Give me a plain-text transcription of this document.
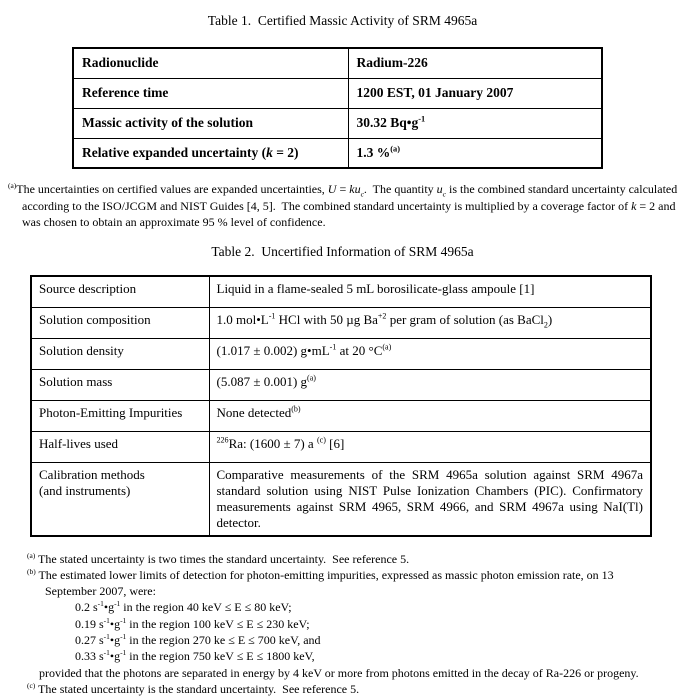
Table 1.  Certified Massic Activity of SRM 4965a
Radionuclide	Radium-226
Reference time	1200 EST, 01 January 2007
Massic activity of the solution	30.32 $Bq•g^{-1}$
Relative expanded uncertainty (k = 2)	1.3 %$^{(a)}$
$^{(a)}$The uncertainties on certified values are expanded uncertainties, $U = ku_c$.  The quantity $u_c$ is the combined standard uncertainty calculated according to the ISO/JCGM and NIST Guides [4, 5].  The combined standard uncertainty is multiplied by a coverage factor of k = 2 and was chosen to obtain an approximate 95 % level of confidence.
Table 2.  Uncertified Information of SRM 4965a
Source description	Liquid in a flame-sealed 5 mL borosilicate-glass ampoule [1]
Solution composition	1.0 $mol•L^{-1}$ HCl with 50 µg $Ba^{+2}$ per gram of solution (as BaCl$_2$)
Solution density	(1.017 ± 0.002) $g•mL^{-1}$ at 20 $^\circ C^{(a)}$
Solution mass	(5.087 ± 0.001) $g^{(a)}$
Photon-Emitting Impurities	None detected$^{(b)}$
Half-lives used	$^{226}$Ra: (1600 ± 7) a $^{(c)}$ [6]
Calibration methods
(and instruments)	Comparative measurements of the SRM 4965a solution against SRM 4967a standard solution using NIST Pulse Ionization Chambers (PIC). Confirmatory measurements against SRM 4965, SRM 4966, and SRM 4967a using NaI(Tl) detector.
$^{(a)}$ The stated uncertainty is two times the standard uncertainty.  See reference 5.
$^{(b)}$ The estimated lower limits of detection for photon-emitting impurities, expressed as massic photon emission rate, on 13 September 2007, were:
0.2 $s^{-1}•g^{-1}$ in the region 40 keV ≤ E ≤ 80 keV;
0.19 $s^{-1}•g^{-1}$ in the region 100 keV ≤ E ≤ 230 keV;
0.27 $s^{-1}•g^{-1}$ in the region 270 ke ≤ E ≤ 700 keV, and
0.33 $s^{-1}•g^{-1}$ in the region 750 keV ≤ E ≤ 1800 keV,
provided that the photons are separated in energy by 4 keV or more from photons emitted in the decay of Ra-226 or progeny.
$^{(c)}$ The stated uncertainty is the standard uncertainty.  See reference 5.
